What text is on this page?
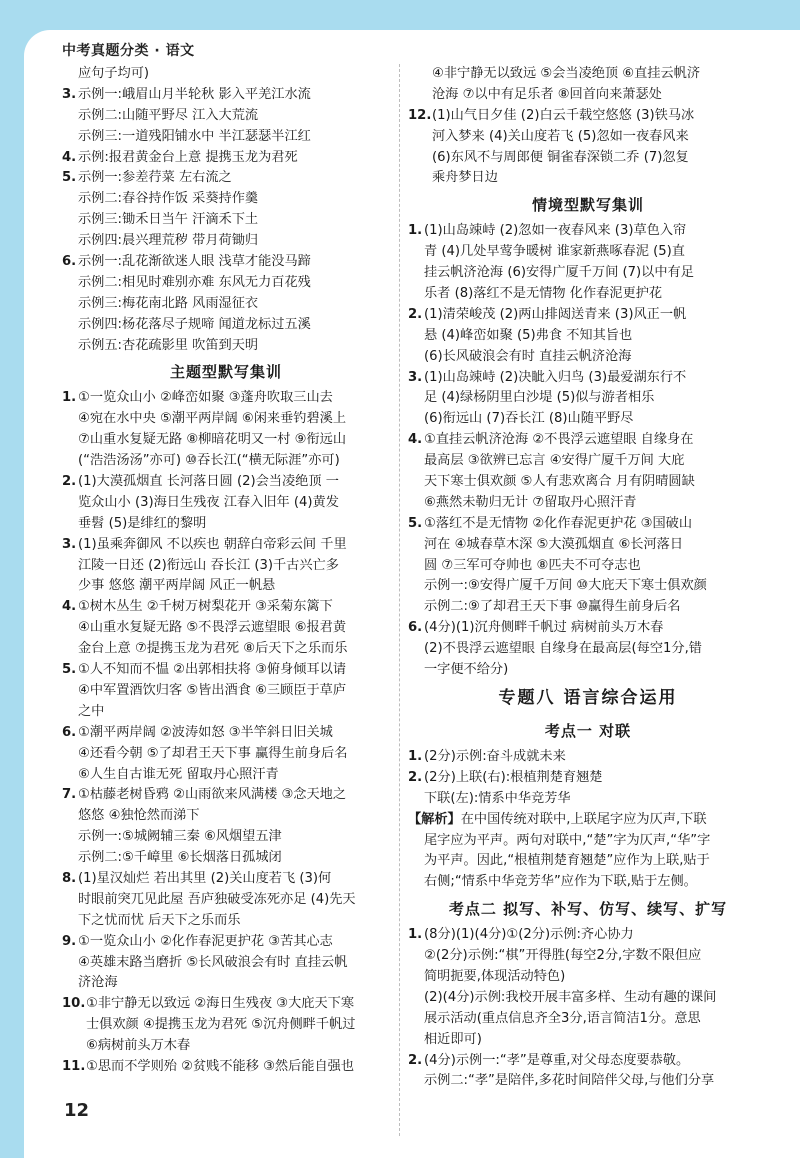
中考真题分类 · 语文
应句子均可)
3. 示例一:峨眉山月半轮秋 影入平羌江水流
示例二:山随平野尽 江入大荒流
示例三:一道残阳铺水中 半江瑟瑟半江红
4. 示例:报君黄金台上意 提携玉龙为君死
5. 示例一:参差荇菜 左右流之
示例二:春谷持作饭 采葵持作羹
示例三:锄禾日当午 汗滴禾下土
示例四:晨兴理荒秽 带月荷锄归
6. 示例一:乱花渐欲迷人眼 浅草才能没马蹄
示例二:相见时难别亦难 东风无力百花残
示例三:梅花南北路 风雨湿征衣
示例四:杨花落尽子规啼 闻道龙标过五溪
示例五:杏花疏影里 吹笛到天明
主题型默写集训
1. ①一览众山小 ②峰峦如聚 ③蓬舟吹取三山去
④宛在水中央 ⑤潮平两岸阔 ⑥闲来垂钓碧溪上
⑦山重水复疑无路 ⑧柳暗花明又一村 ⑨衔远山
(“浩浩汤汤”亦可) ⑩吞长江(“横无际涯”亦可)
2. (1)大漠孤烟直 长河落日圆 (2)会当凌绝顶 一
览众山小 (3)海日生残夜 江春入旧年 (4)黄发
垂髫 (5)是绯红的黎明
3. (1)虽乘奔御风 不以疾也 朝辞白帝彩云间 千里
江陵一日还 (2)衔远山 吞长江 (3)千古兴亡多
少事 悠悠 潮平两岸阔 风正一帆悬
4. ①树木丛生 ②千树万树梨花开 ③采菊东篱下
④山重水复疑无路 ⑤不畏浮云遮望眼 ⑥报君黄
金台上意 ⑦提携玉龙为君死 ⑧后天下之乐而乐
5. ①人不知而不愠 ②出郭相扶将 ③俯身倾耳以请
④中军置酒饮归客 ⑤皆出酒食 ⑥三顾臣于草庐
之中
6. ①潮平两岸阔 ②波涛如怒 ③半竿斜日旧关城
④还看今朝 ⑤了却君王天下事 赢得生前身后名
⑥人生自古谁无死 留取丹心照汗青
7. ①枯藤老树昏鸦 ②山雨欲来风满楼 ③念天地之
悠悠 ④独怆然而涕下
示例一:⑤城阙辅三秦 ⑥风烟望五津
示例二:⑤千嶂里 ⑥长烟落日孤城闭
8. (1)星汉灿烂 若出其里 (2)关山度若飞 (3)何
时眼前突兀见此屋 吾庐独破受冻死亦足 (4)先天
下之忧而忧 后天下之乐而乐
9. ①一览众山小 ②化作春泥更护花 ③苦其心志
④英雄末路当磨折 ⑤长风破浪会有时 直挂云帆
济沧海
10.①非宁静无以致远 ②海日生残夜 ③大庇天下寒
士俱欢颜 ④提携玉龙为君死 ⑤沉舟侧畔千帆过
⑥病树前头万木春
11.①思而不学则殆 ②贫贱不能移 ③然后能自强也
④非宁静无以致远 ⑤会当凌绝顶 ⑥直挂云帆济
沧海 ⑦以中有足乐者 ⑧回首向来萧瑟处
12.(1)山气日夕佳 (2)白云千载空悠悠 (3)铁马冰
河入梦来 (4)关山度若飞 (5)忽如一夜春风来
(6)东风不与周郎便 铜雀春深锁二乔 (7)忽复
乘舟梦日边
情境型默写集训
1. (1)山岛竦峙 (2)忽如一夜春风来 (3)草色入帘
青 (4)几处早莺争暖树 谁家新燕啄春泥 (5)直
挂云帆济沧海 (6)安得广厦千万间 (7)以中有足
乐者 (8)落红不是无情物 化作春泥更护花
2. (1)清荣峻茂 (2)两山排闼送青来 (3)风正一帆
悬 (4)峰峦如聚 (5)弗食 不知其旨也
(6)长风破浪会有时 直挂云帆济沧海
3. (1)山岛竦峙 (2)决眦入归鸟 (3)最爱湖东行不
足 (4)绿杨阴里白沙堤 (5)似与游者相乐
(6)衔远山 (7)吞长江 (8)山随平野尽
4. ①直挂云帆济沧海 ②不畏浮云遮望眼 自缘身在
最高层 ③欲辨已忘言 ④安得广厦千万间 大庇
天下寒士俱欢颜 ⑤人有悲欢离合 月有阴晴圆缺
⑥燕然未勒归无计 ⑦留取丹心照汗青
5. ①落红不是无情物 ②化作春泥更护花 ③国破山
河在 ④城春草木深 ⑤大漠孤烟直 ⑥长河落日
圆 ⑦三军可夺帅也 ⑧匹夫不可夺志也
示例一:⑨安得广厦千万间 ⑩大庇天下寒士俱欢颜
示例二:⑨了却君王天下事 ⑩赢得生前身后名
6. (4分)(1)沉舟侧畔千帆过 病树前头万木春
(2)不畏浮云遮望眼 自缘身在最高层(每空1分,错
一字便不给分)
专题八 语言综合运用
考点一 对联
1. (2分)示例:奋斗成就未来
2. (2分)上联(右):根植荆楚育翘楚
下联(左):情系中华竞芳华
【解析】在中国传统对联中,上联尾字应为仄声,下联
尾字应为平声。两句对联中,“楚”字为仄声,“华”字
为平声。因此,“根植荆楚育翘楚”应作为上联,贴于
右侧;“情系中华竞芳华”应作为下联,贴于左侧。
考点二 拟写、补写、仿写、续写、扩写
1. (8分)(1)(4分)①(2分)示例:齐心协力
②(2分)示例:“棋”开得胜(每空2分,字数不限但应
简明扼要,体现活动特色)
(2)(4分)示例:我校开展丰富多样、生动有趣的课间
展示活动(重点信息齐全3分,语言简洁1分。意思
相近即可)
2. (4分)示例一:“孝”是尊重,对父母态度要恭敬。
示例二:“孝”是陪伴,多花时间陪伴父母,与他们分享
12
